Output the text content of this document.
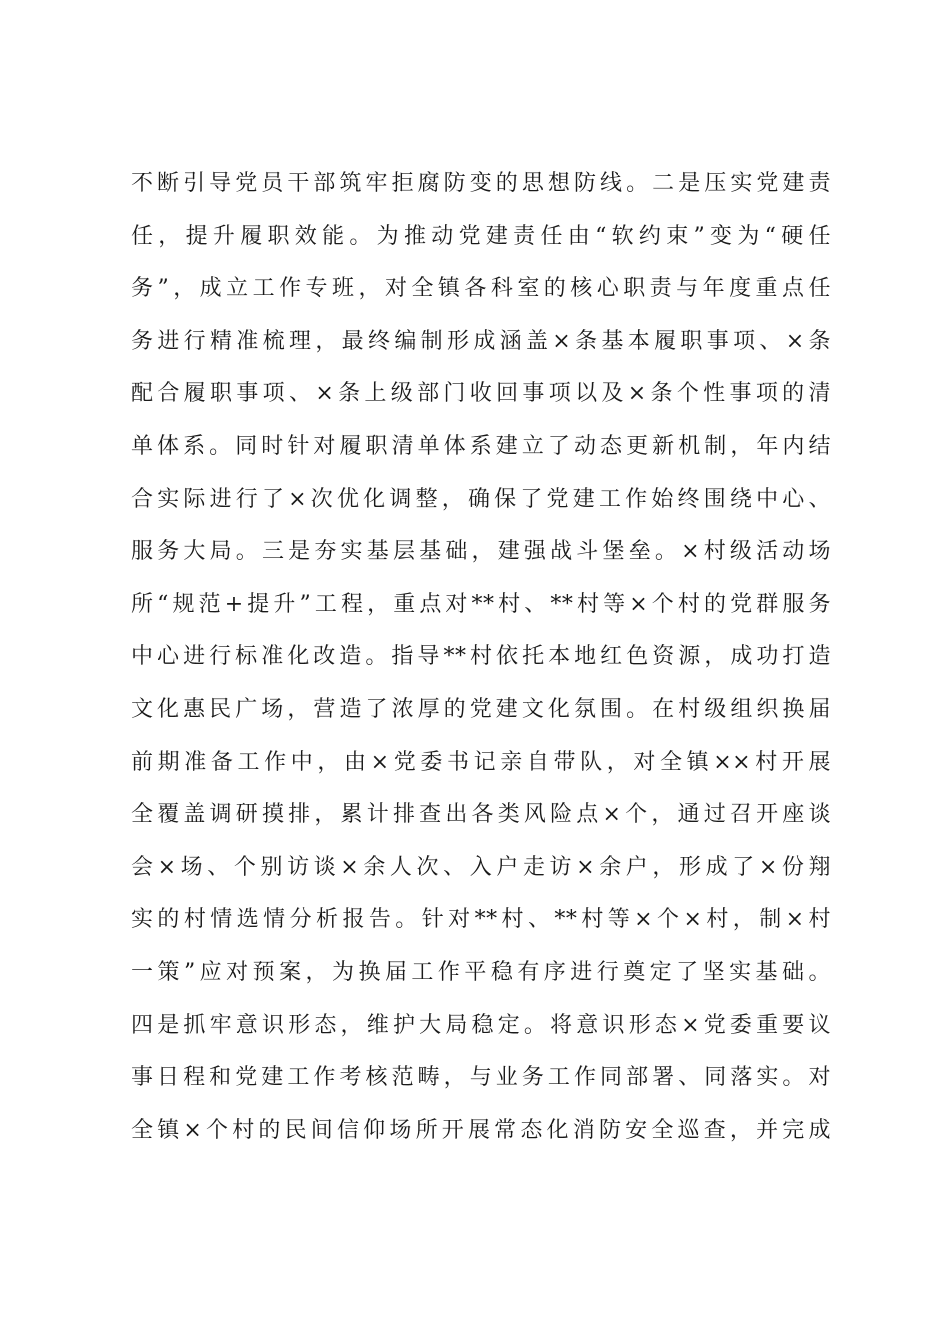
不断引导党员干部筑牢拒腐防变的思想防线。二是压实党建责
任，提升履职效能。为推动党建责任由“软约束”变为“硬任
务”，成立工作专班，对全镇各科室的核心职责与年度重点任
务进行精准梳理，最终编制形成涵盖×条基本履职事项、×条
配合履职事项、×条上级部门收回事项以及×条个性事项的清
单体系。同时针对履职清单体系建立了动态更新机制，年内结
合实际进行了×次优化调整，确保了党建工作始终围绕中心、
服务大局。三是夯实基层基础，建强战斗堡垒。×村级活动场
所“规范+提升”工程，重点对**村、**村等×个村的党群服务
中心进行标准化改造。指导**村依托本地红色资源，成功打造
文化惠民广场，营造了浓厚的党建文化氛围。在村级组织换届
前期准备工作中，由×党委书记亲自带队，对全镇××村开展
全覆盖调研摸排，累计排查出各类风险点×个，通过召开座谈
会×场、个别访谈×余人次、入户走访×余户，形成了×份翔
实的村情选情分析报告。针对**村、**村等×个×村，制×村
一策”应对预案，为换届工作平稳有序进行奠定了坚实基础。
四是抓牢意识形态，维护大局稳定。将意识形态×党委重要议
事日程和党建工作考核范畴，与业务工作同部署、同落实。对
全镇×个村的民间信仰场所开展常态化消防安全巡查，并完成
